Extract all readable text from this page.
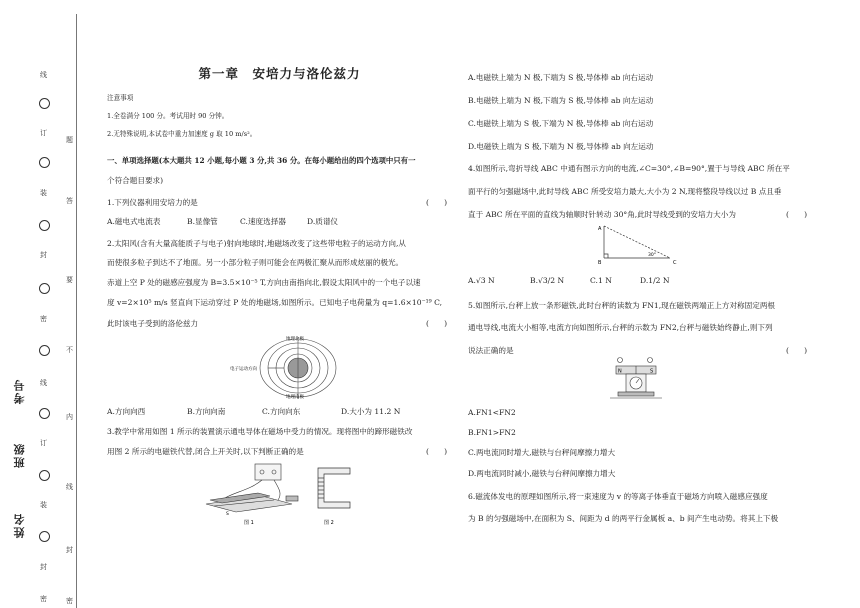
线
订
装
封
密
线
订
装
封
密
题
答
要
不
内
线
封
密
考号
班级
姓名
第一章　安培力与洛伦兹力
注意事项
1.全卷满分 100 分。考试用时 90 分钟。
2.无特殊说明,本试卷中重力加速度 g 取 10 m/s²。
一、单项选择题(本大题共 12 小题,每小题 3 分,共 36 分。在每小题给出的四个选项中只有一
个符合题目要求)
1.下列仪器利用安培力的是	(　　)
A.磁电式电流表	B.显像管	C.速度选择器	D.质谱仪
2.太阳风(含有大量高能质子与电子)射向地球时,地磁场改变了这些带电粒子的运动方向,从
而使很多粒子到达不了地面。另一小部分粒子则可能会在两极汇聚从而形成炫丽的极光。
赤道上空 P 处的磁感应强度为 B=3.5×10⁻⁵ T,方向由南指向北,假设太阳风中的一个电子以速
度 v=2×10⁵ m/s 竖直向下运动穿过 P 处的地磁场,如图所示。已知电子电荷量为 q=1.6×10⁻¹⁹ C,
此时该电子受到的洛伦兹力	(　　)
地理北极
电子运动方向
地理南极
A.方向向西	B.方向向南	C.方向向东	D.大小为 11.2 N
3.教学中常用如图 1 所示的装置演示通电导体在磁场中受力的情况。现将图中的蹄形磁铁改
用图 2 所示的电磁铁代替,闭合上开关时,以下判断正确的是	(　　)
S
图 1	图 2
A.电磁铁上端为 N 极,下端为 S 极,导体棒 ab 向右运动
B.电磁铁上端为 N 极,下端为 S 极,导体棒 ab 向左运动
C.电磁铁上端为 S 极,下端为 N 极,导体棒 ab 向右运动
D.电磁铁上端为 S 极,下端为 N 极,导体棒 ab 向左运动
4.如图所示,弯折导线 ABC 中通有图示方向的电流,∠C=30°,∠B=90°,置于与导线 ABC 所在平
面平行的匀强磁场中,此时导线 ABC 所受安培力最大,大小为 2 N,现将整段导线以过 B 点且垂
直于 ABC 所在平面的直线为轴顺时针转动 30°角,此时导线受到的安培力大小为	(　　)
A
B	C
30°
A.√3 N	B.√3/2 N	C.1 N	D.1/2 N
5.如图所示,台秤上放一条形磁铁,此时台秤的读数为 FN1,现在磁铁两端正上方对称固定两根
通电导线,电流大小相等,电流方向如图所示,台秤的示数为 FN2,台秤与磁铁始终静止,则下列
说法正确的是	(　　)
N	S
A.FN1<FN2
B.FN1>FN2
C.两电流同时增大,磁铁与台秤间摩擦力增大
D.两电流同时减小,磁铁与台秤间摩擦力增大
6.磁流体发电的原理如图所示,将一束速度为 v 的等离子体垂直于磁场方向喷入磁感应强度
为 B 的匀强磁场中,在面积为 S、间距为 d 的两平行金属板 a、b 间产生电动势。将其上下极
